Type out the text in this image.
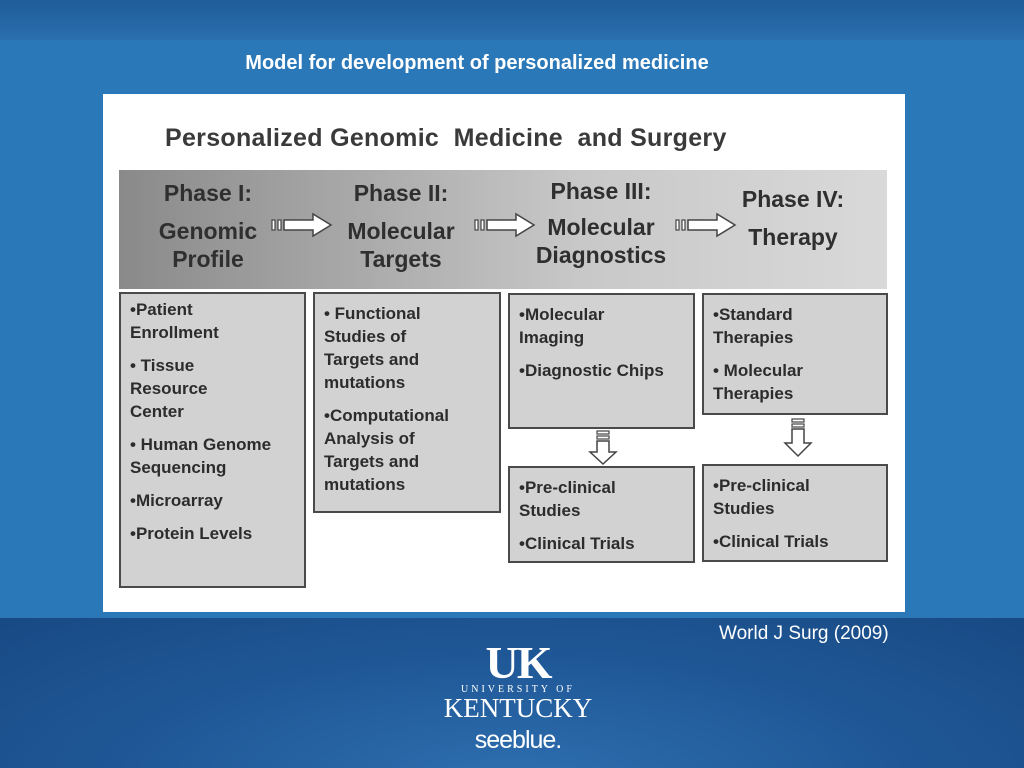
Model for development of personalized medicine
Personalized Genomic  Medicine  and Surgery
Phase I:
Genomic
Profile
Phase II:
Molecular
Targets
Phase III:
Molecular
Diagnostics
Phase IV:
Therapy
•Patient
Enrollment
• Tissue
Resource
Center
• Human Genome
Sequencing
•Microarray
•Protein Levels
• Functional
Studies of
Targets and
mutations
•Computational
Analysis of
Targets and
mutations
•Molecular
Imaging
•Diagnostic Chips
•Standard
Therapies
• Molecular
Therapies
•Pre-clinical
Studies
•Clinical Trials
•Pre-clinical
Studies
•Clinical Trials
World J Surg (2009)
UK
UNIVERSITY OF
KENTUCKY
seeblue.
